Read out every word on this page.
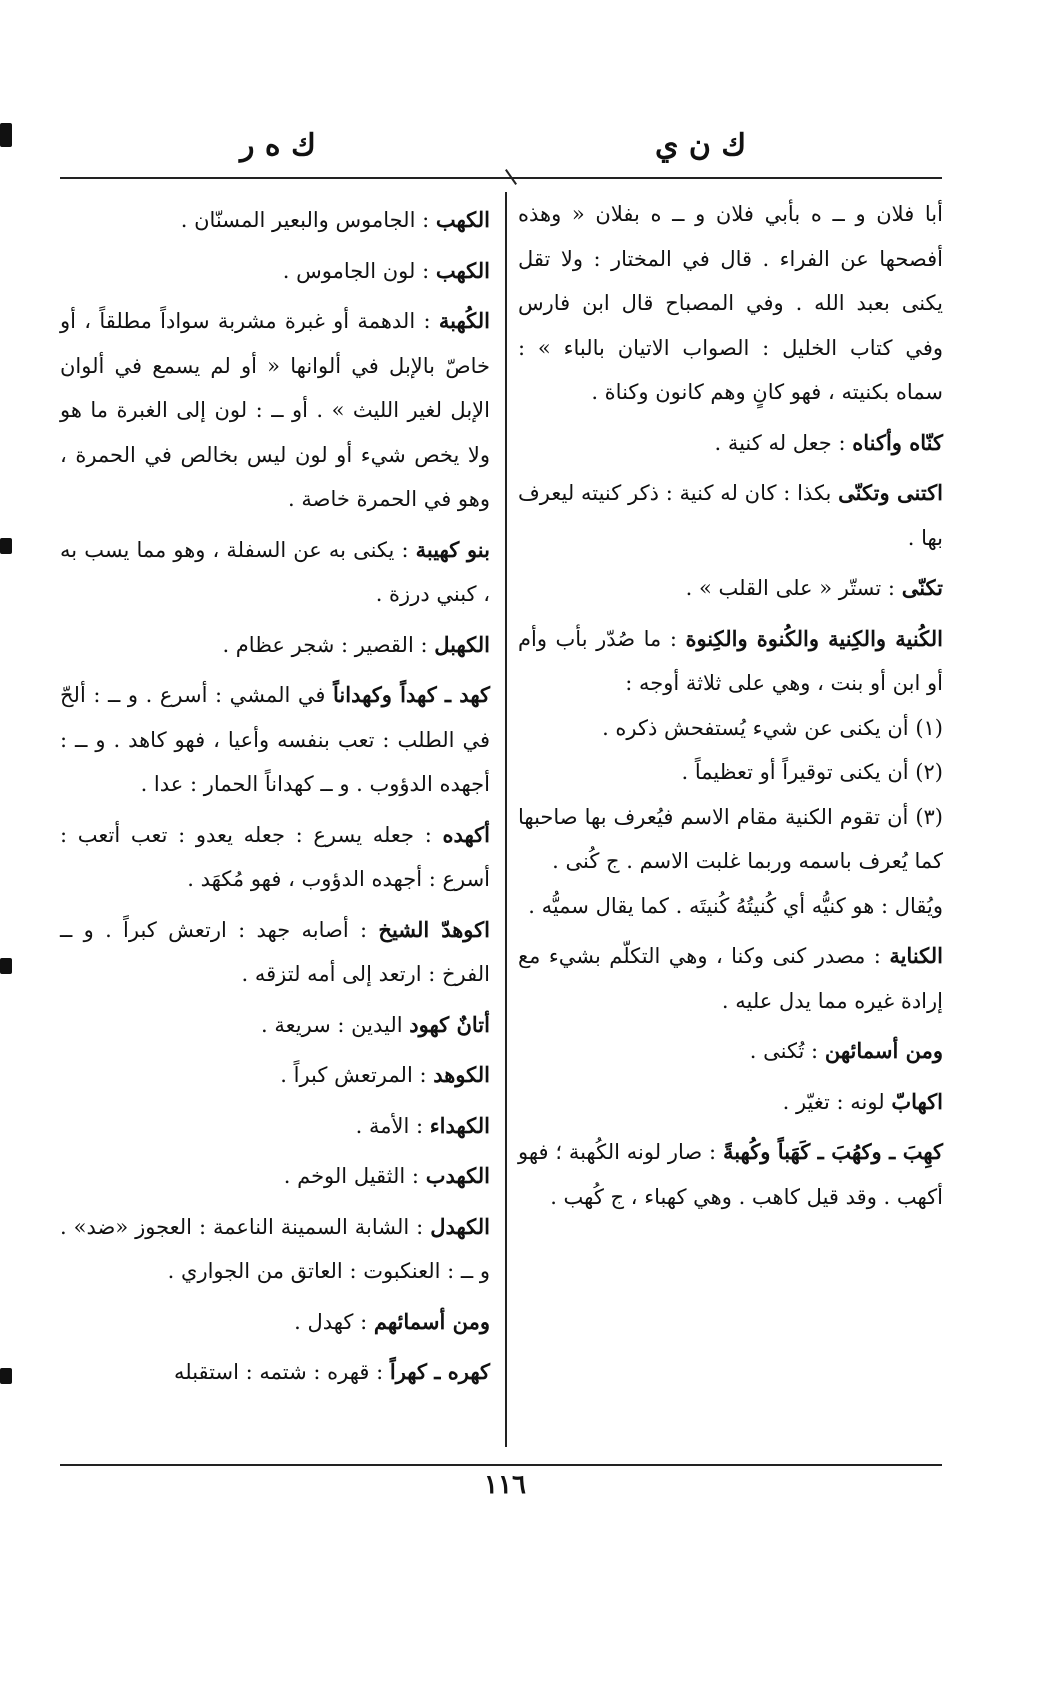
ك ن ي
ك ه ر

أبا فلان و ــ ه بأبي فلان و ــ ه بفلان « وهذه أفصحها عن الفراء . قال في المختار : ولا تقل يكنى بعبد الله . وفي المصباح قال ابن فارس وفي كتاب الخليل : الصواب الاتيان بالباء » : سماه بكنيته ، فهو كانٍ وهم كانون وكناة .

كنّاه وأكناه : جعل له كنية .

اكتنى وتكنّى بكذا : كان له كنية : ذكر كنيته ليعرف بها .

تكنّى : تستّر « على القلب » .

الكُنية والكِنية والكُنوة والكِنوة : ما صُدّر بأب وأم أو ابن أو بنت ، وهي على ثلاثة أوجه :

(١) أن يكنى عن شيء يُستفحش ذكره .

(٢) أن يكنى توقيراً أو تعظيماً .

(٣) أن تقوم الكنية مقام الاسم فيُعرف بها صاحبها كما يُعرف باسمه وربما غلبت الاسم . ج كُنى .

ويُقال : هو كنيُّه أي كُنيتُهُ كُنيتَه . كما يقال سميُّه .

الكناية : مصدر كنى وكنا ، وهي التكلّم بشيء مع إرادة غيره مما يدل عليه .

ومن أسمائهن : تُكنى .

اكهابّ لونه : تغيّر .

كهِبَ ـ وكهُبَ ـ كَهَباً وكُهبةً : صار لونه الكُهبة ؛ فهو أكهب . وقد قيل كاهب . وهي كهباء ، ج كُهب .

الكهب : الجاموس والبعير المسنّان .

الكهب : لون الجاموس .

الكُهبة : الدهمة أو غبرة مشربة سواداً مطلقاً ، أو خاصّ بالإبل في ألوانها « أو لم يسمع في ألوان الإبل لغير الليث » . أو ــ : لون إلى الغبرة ما هو ولا يخص شيء أو لون ليس بخالص في الحمرة ، وهو في الحمرة خاصة .

بنو كهيبة : يكنى به عن السفلة ، وهو مما يسب به ، كبني درزة .

الكهبل : القصير : شجر عظام .

كهد ـ كهداً وكهداناً في المشي : أسرع . و ــ : ألحّ في الطلب : تعب بنفسه وأعيا ، فهو كاهد . و ــ : أجهده الدؤوب . و ــ كهداناً الحمار : عدا .

أكهده : جعله يسرع : جعله يعدو : تعب أتعب : أسرع : أجهده الدؤوب ، فهو مُكهَد .

اكوهدّ الشيخ : أصابه جهد : ارتعش كبراً . و ــ الفرخ : ارتعد إلى أمه لتزقه .

أتانٌ كهود اليدين : سريعة .

الكوهد : المرتعش كبراً .

الكهداء : الأمة .

الكهدب : الثقيل الوخم .

الكهدل : الشابة السمينة الناعمة : العجوز «ضد» . و ــ : العنكبوت : العاتق من الجواري .

ومن أسمائهم : كهدل .

كهره ـ كهراً : قهره : شتمه : استقبله

١١٦
